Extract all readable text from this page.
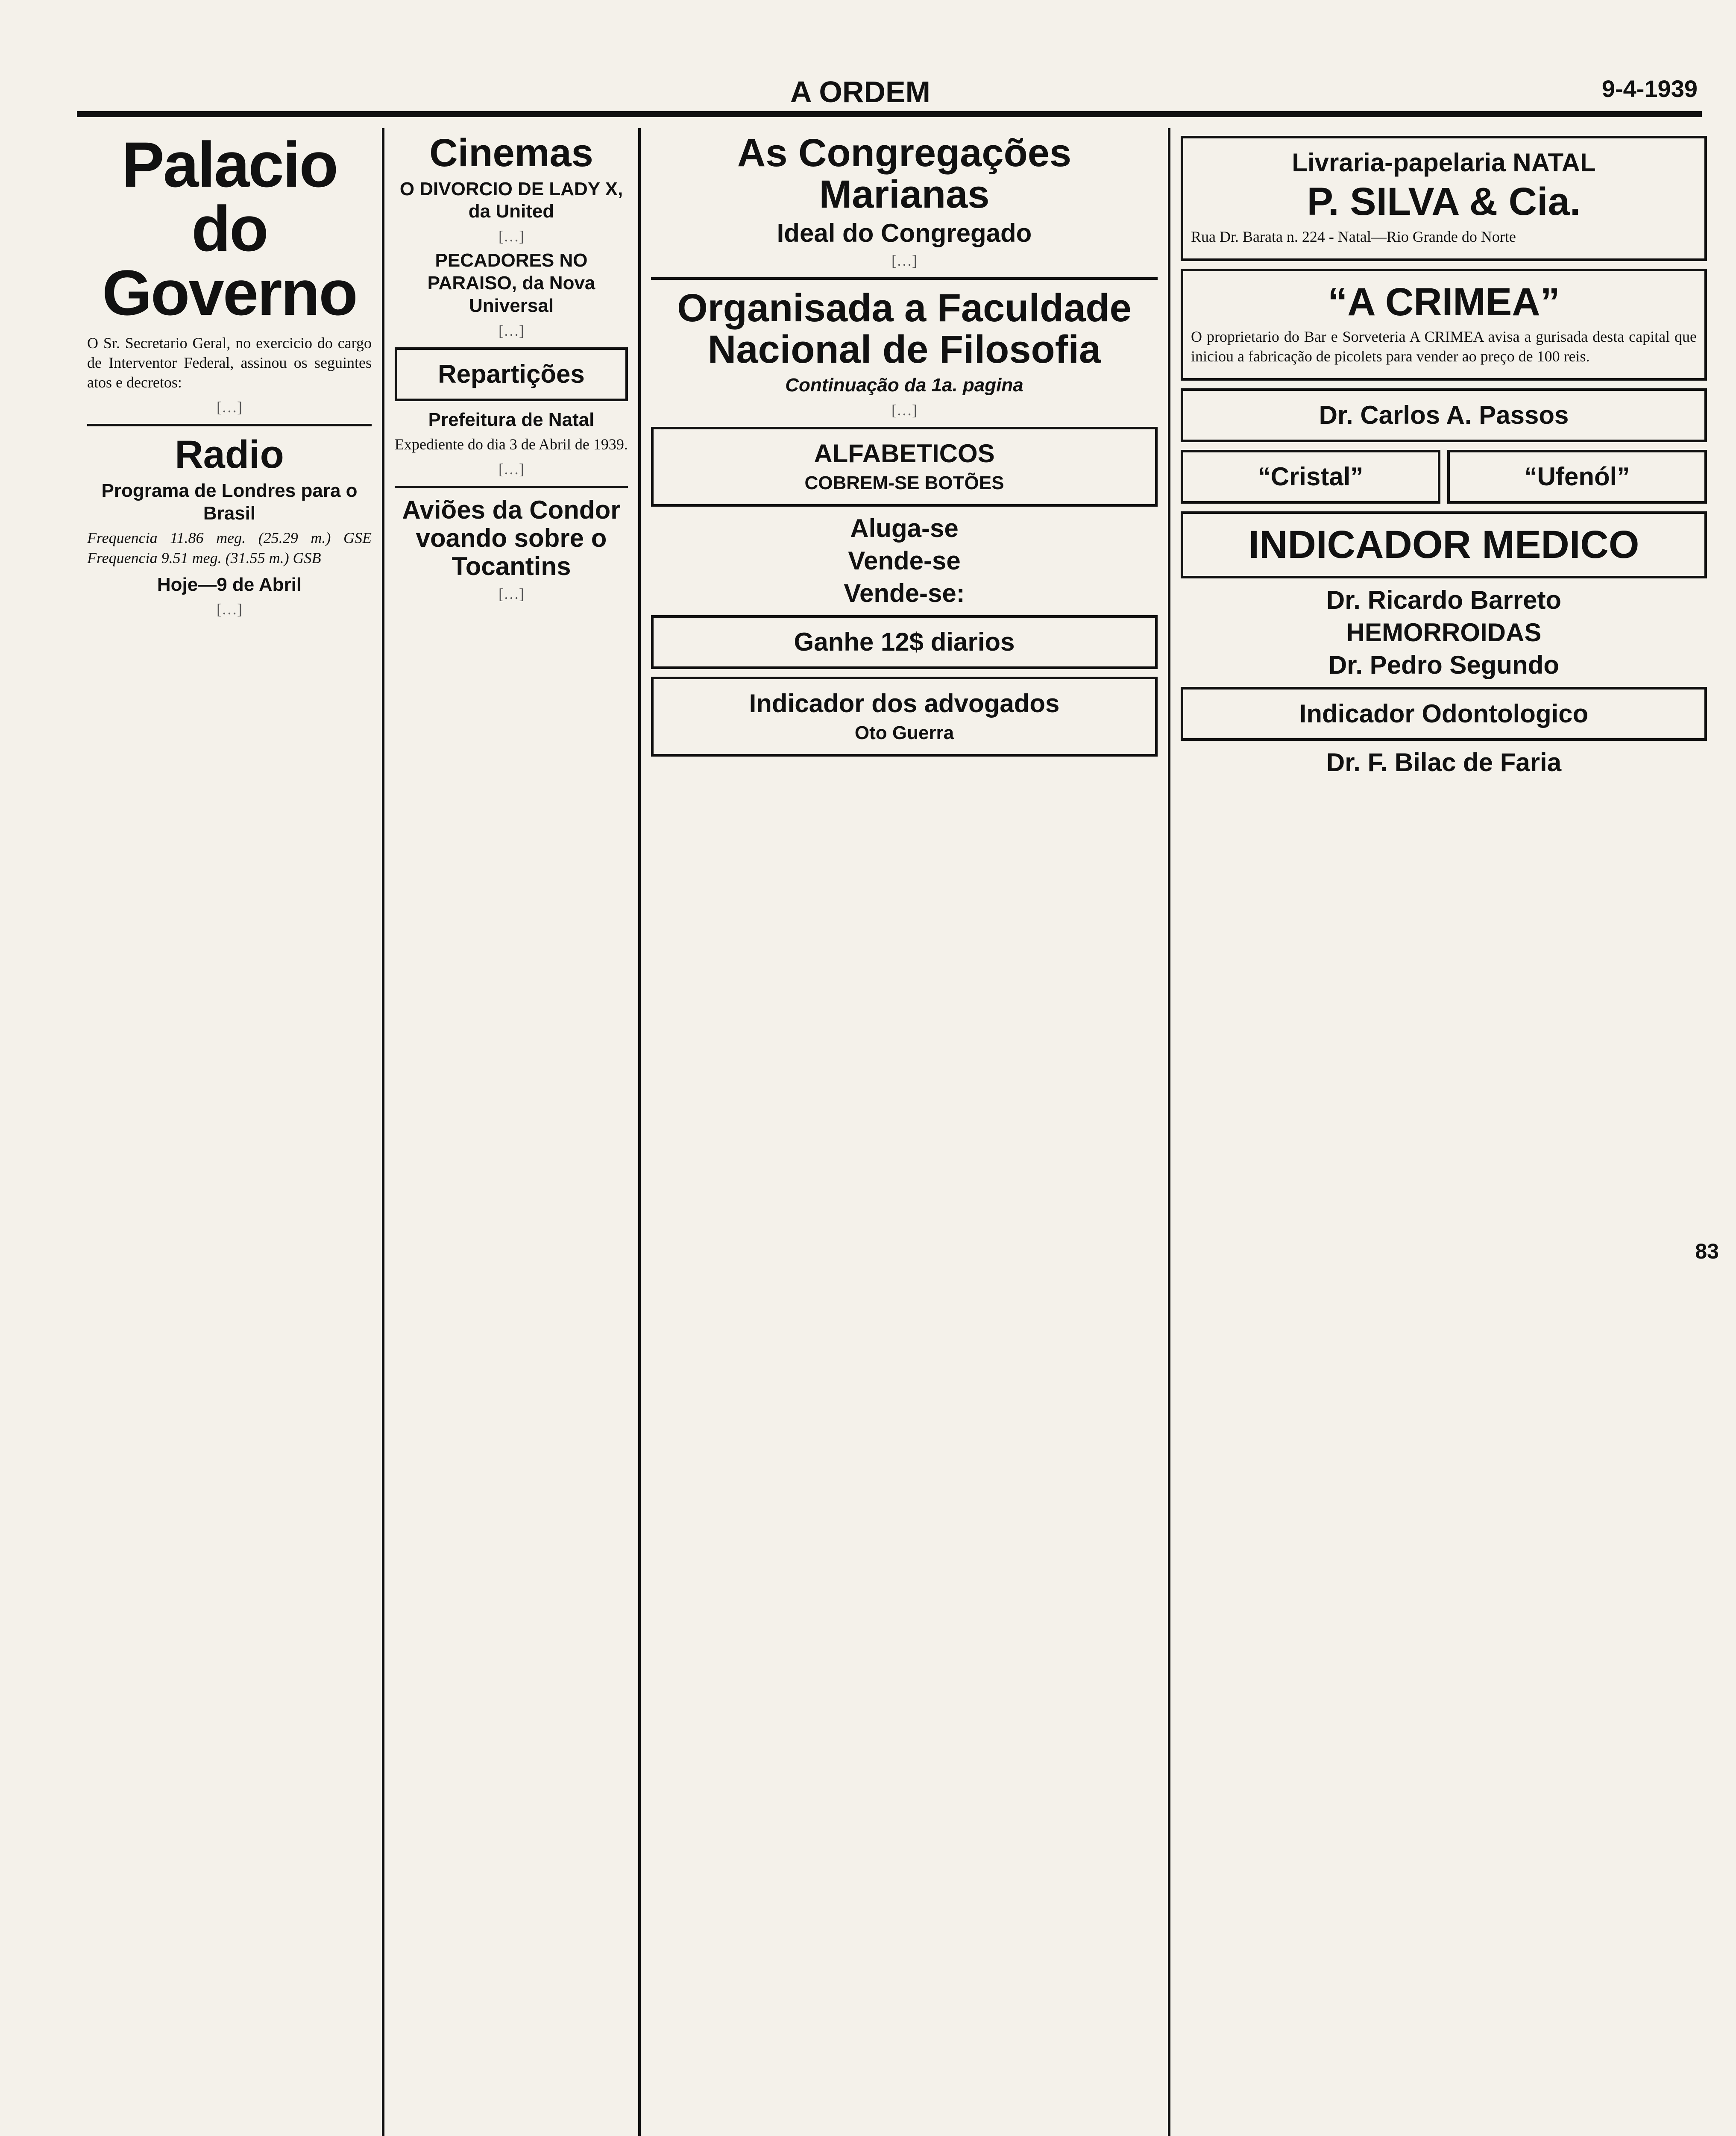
A ORDEM	9-4-1939
Palacio do Governo

O Sr. Secretario Geral, no exercicio do cargo de Interventor Federal, assinou os seguintes atos e decretos:

[…]
Radio
Programa de Londres para o Brasil

Frequencia 11.86 meg. (25.29 m.) GSE Frequencia 9.51 meg. (31.55 m.) GSB

Hoje—9 de Abril
[…]
Cinemas
O DIVORCIO DE LADY X, da United
[…]
PECADORES NO PARAISO, da Nova Universal
[…]
Repartições
Prefeitura de Natal

Expediente do dia 3 de Abril de 1939.

[…]
Aviões da Condor voando sobre o Tocantins
[…]
As Congregações Marianas
Ideal do Congregado
[…]
Organisada a Faculdade Nacional de Filosofia
Continuação da 1a. pagina
[…]
ALFABETICOS
COBREM-SE BOTÕES
Aluga-se
Vende-se
Vende-se:
Ganhe 12$ diarios
Indicador dos advogados
Oto Guerra
Livraria-papelaria NATAL
P. SILVA & Cia.

Rua Dr. Barata n. 224 - Natal—Rio Grande do Norte

“A CRIMEA”

O proprietario do Bar e Sorveteria A CRIMEA avisa a gurisada desta capital que iniciou a fabricação de picolets para vender ao preço de 100 reis.

Dr. Carlos A. Passos
“Cristal”	“Ufenól”
INDICADOR MEDICO
Dr. Ricardo Barreto
HEMORROIDAS
Dr. Pedro Segundo
Indicador Odontologico
Dr. F. Bilac de Faria
83
